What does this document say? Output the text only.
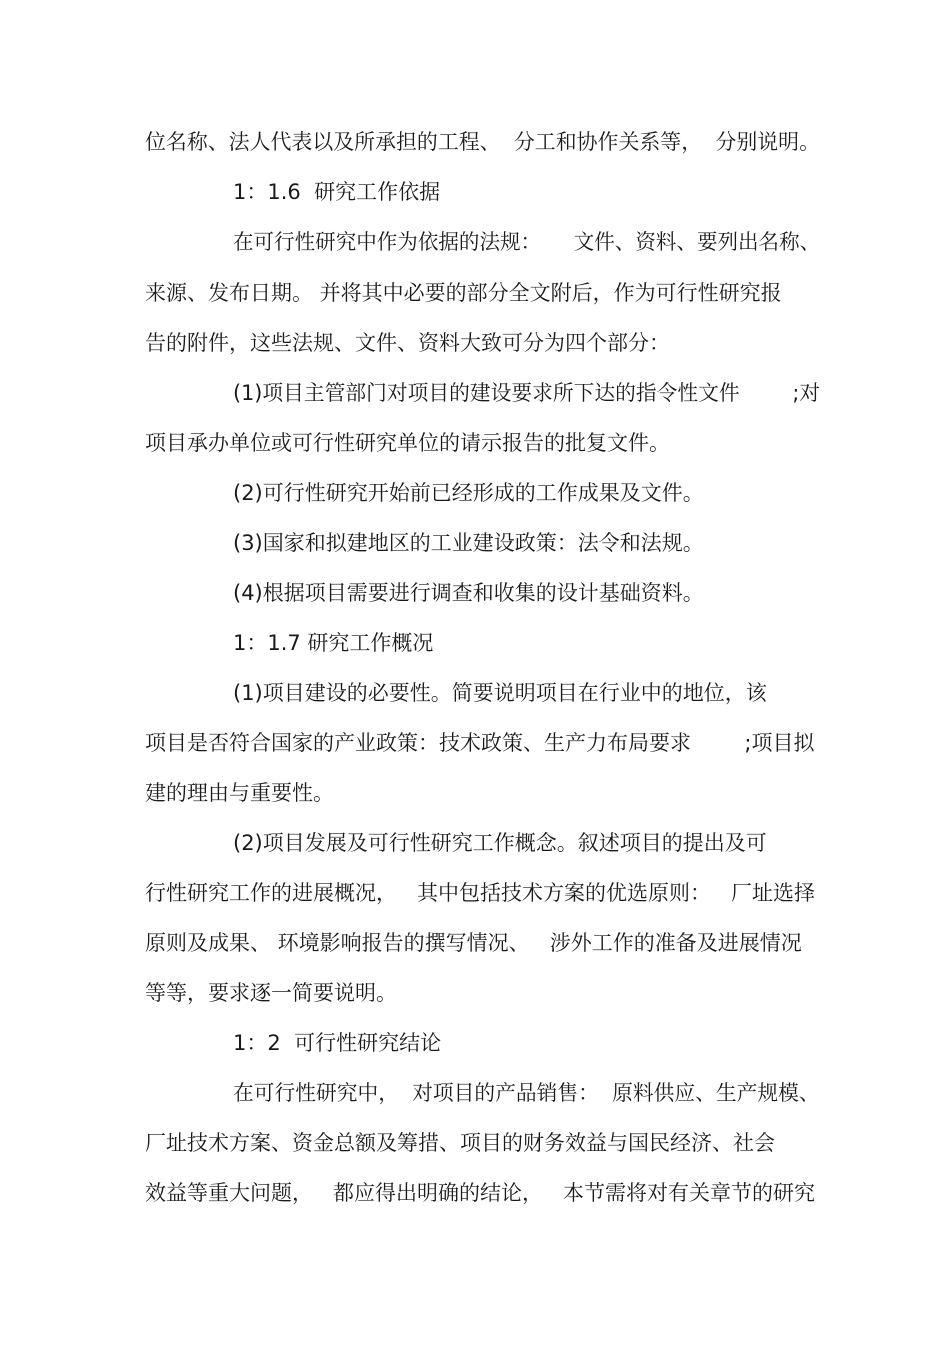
位名称、法人代表以及所承担的工程、  分工和协作关系等，  分别说明。
1：1.6  研究工作依据
在可行性研究中作为依据的法规：     文件、资料、要列出名称、
来源、发布日期。 并将其中必要的部分全文附后，作为可行性研究报
告的附件，这些法规、文件、资料大致可分为四个部分：
(1)项目主管部门对项目的建设要求所下达的指令性文件        ;对
项目承办单位或可行性研究单位的请示报告的批复文件。
(2)可行性研究开始前已经形成的工作成果及文件。
(3)国家和拟建地区的工业建设政策：法令和法规。
(4)根据项目需要进行调查和收集的设计基础资料。
1：1.7 研究工作概况
(1)项目建设的必要性。简要说明项目在行业中的地位，该
项目是否符合国家的产业政策：技术政策、生产力布局要求        ;项目拟
建的理由与重要性。
(2)项目发展及可行性研究工作概念。叙述项目的提出及可
行性研究工作的进展概况，   其中包括技术方案的优选原则：   厂址选择
原则及成果、 环境影响报告的撰写情况、   涉外工作的准备及进展情况
等等，要求逐一简要说明。
1：2  可行性研究结论
在可行性研究中，  对项目的产品销售：  原料供应、生产规模、
厂址技术方案、资金总额及筹措、项目的财务效益与国民经济、社会
效益等重大问题，   都应得出明确的结论，   本节需将对有关章节的研究
